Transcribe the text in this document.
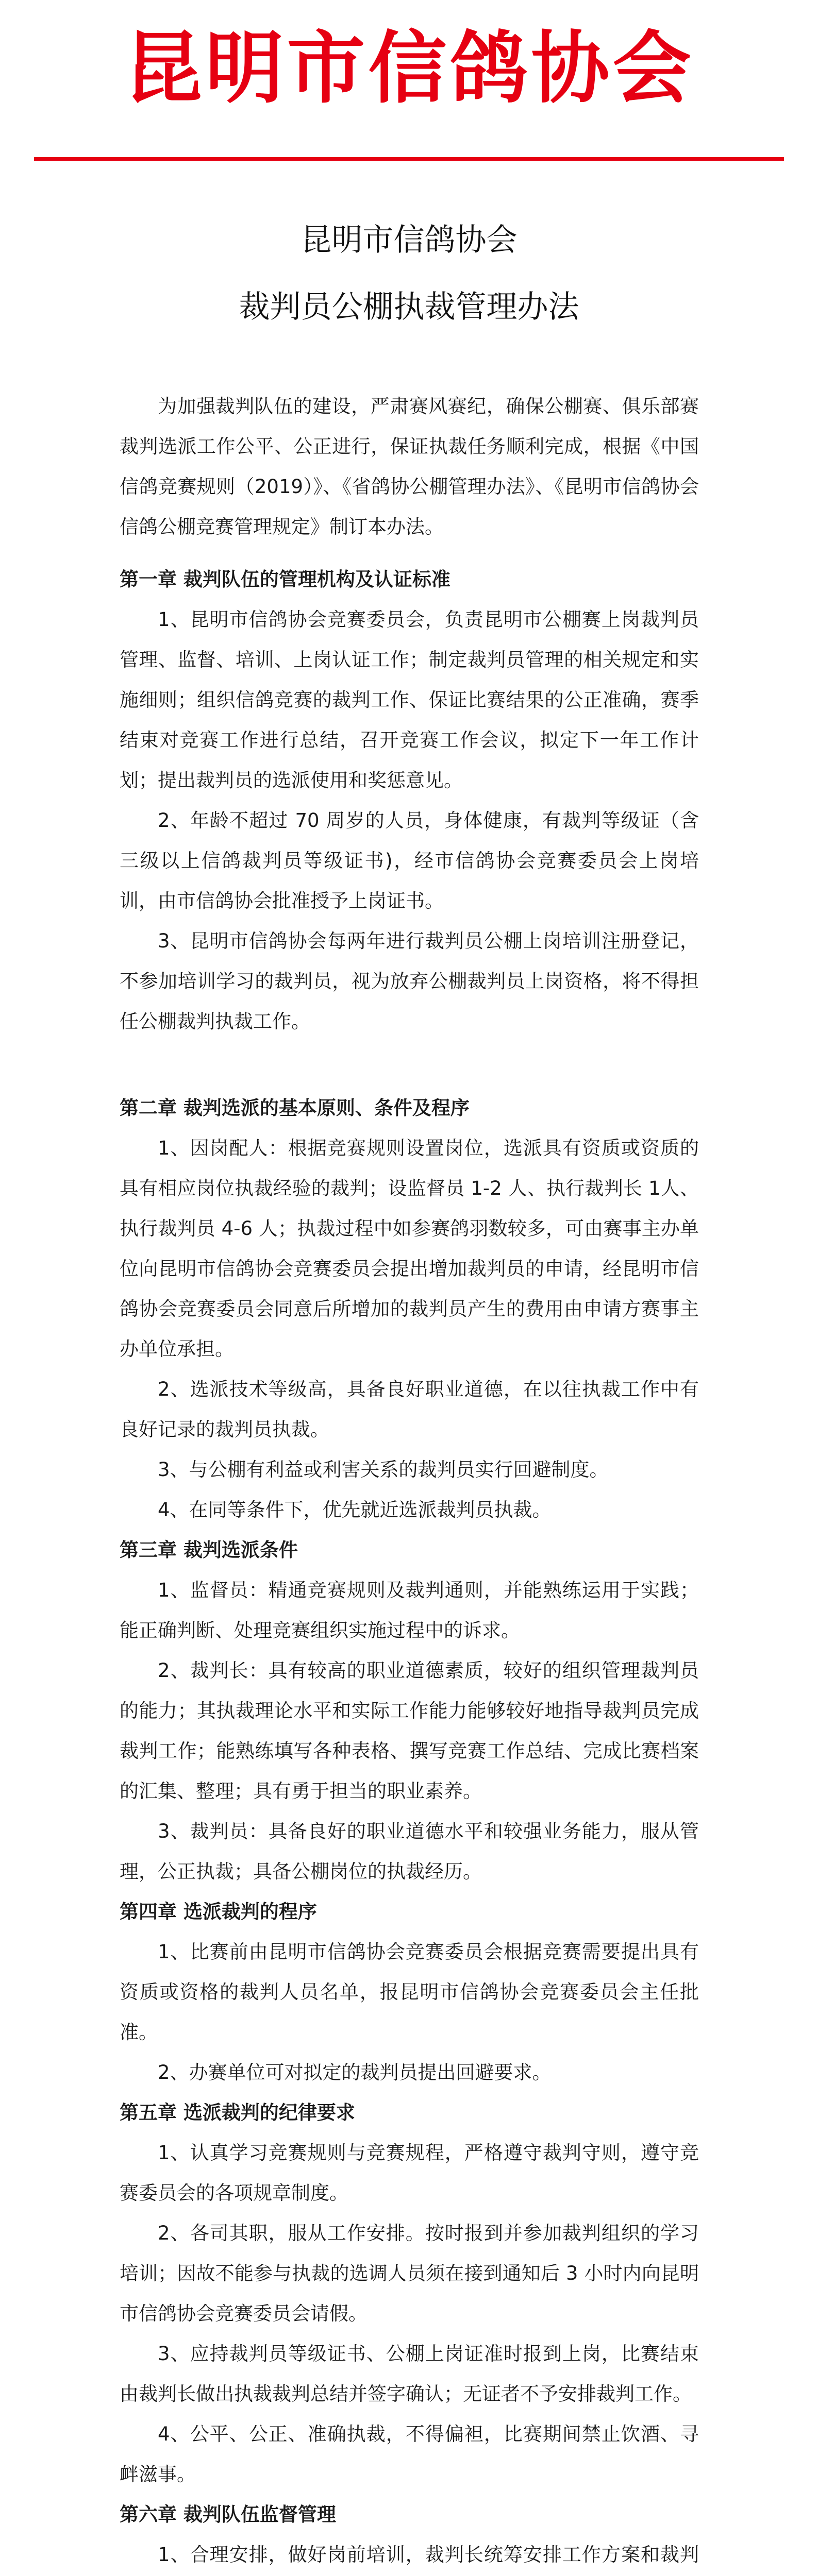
昆明市信鸽协会
昆明市信鸽协会
裁判员公棚执裁管理办法

为加强裁判队伍的建设，严肃赛风赛纪，确保公棚赛、俱乐部赛裁判选派工作公平、公正进行，保证执裁任务顺利完成，根据《中国信鸽竞赛规则（2019）》、《省鸽协公棚管理办法》、《昆明市信鸽协会信鸽公棚竞赛管理规定》制订本办法。

第一章 裁判队伍的管理机构及认证标准

1、昆明市信鸽协会竞赛委员会，负责昆明市公棚赛上岗裁判员管理、监督、培训、上岗认证工作；制定裁判员管理的相关规定和实施细则；组织信鸽竞赛的裁判工作、保证比赛结果的公正准确，赛季结束对竞赛工作进行总结，召开竞赛工作会议，拟定下一年工作计划；提出裁判员的选派使用和奖惩意见。

2、年龄不超过 70 周岁的人员，身体健康，有裁判等级证（含三级以上信鸽裁判员等级证书)，经市信鸽协会竞赛委员会上岗培训，由市信鸽协会批准授予上岗证书。

3、昆明市信鸽协会每两年进行裁判员公棚上岗培训注册登记，不参加培训学习的裁判员，视为放弃公棚裁判员上岗资格，将不得担任公棚裁判执裁工作。

第二章 裁判选派的基本原则、条件及程序

1、因岗配人：根据竞赛规则设置岗位，选派具有资质或资质的具有相应岗位执裁经验的裁判；设监督员 1-2 人、执行裁判长 1人、执行裁判员 4-6 人；执裁过程中如参赛鸽羽数较多，可由赛事主办单位向昆明市信鸽协会竞赛委员会提出增加裁判员的申请，经昆明市信鸽协会竞赛委员会同意后所增加的裁判员产生的费用由申请方赛事主办单位承担。

2、选派技术等级高，具备良好职业道德，在以往执裁工作中有良好记录的裁判员执裁。

3、与公棚有利益或利害关系的裁判员实行回避制度。

4、在同等条件下，优先就近选派裁判员执裁。

第三章 裁判选派条件

1、监督员：精通竞赛规则及裁判通则，并能熟练运用于实践；能正确判断、处理竞赛组织实施过程中的诉求。

2、裁判长：具有较高的职业道德素质，较好的组织管理裁判员的能力；其执裁理论水平和实际工作能力能够较好地指导裁判员完成裁判工作；能熟练填写各种表格、撰写竞赛工作总结、完成比赛档案的汇集、整理；具有勇于担当的职业素养。

3、裁判员：具备良好的职业道德水平和较强业务能力，服从管理，公正执裁；具备公棚岗位的执裁经历。

第四章 选派裁判的程序

1、比赛前由昆明市信鸽协会竞赛委员会根据竞赛需要提出具有资质或资格的裁判人员名单，报昆明市信鸽协会竞赛委员会主任批准。

2、办赛单位可对拟定的裁判员提出回避要求。

第五章 选派裁判的纪律要求

1、认真学习竞赛规则与竞赛规程，严格遵守裁判守则，遵守竞赛委员会的各项规章制度。

2、各司其职，服从工作安排。按时报到并参加裁判组织的学习培训；因故不能参与执裁的选调人员须在接到通知后 3 小时内向昆明市信鸽协会竞赛委员会请假。

3、应持裁判员等级证书、公棚上岗证准时报到上岗，比赛结束由裁判长做出执裁裁判总结并签字确认；无证者不予安排裁判工作。

4、公平、公正、准确执裁，不得偏袒，比赛期间禁止饮酒、寻衅滋事。

第六章 裁判队伍监督管理

1、合理安排，做好岗前培训，裁判长统筹安排工作方案和裁判
